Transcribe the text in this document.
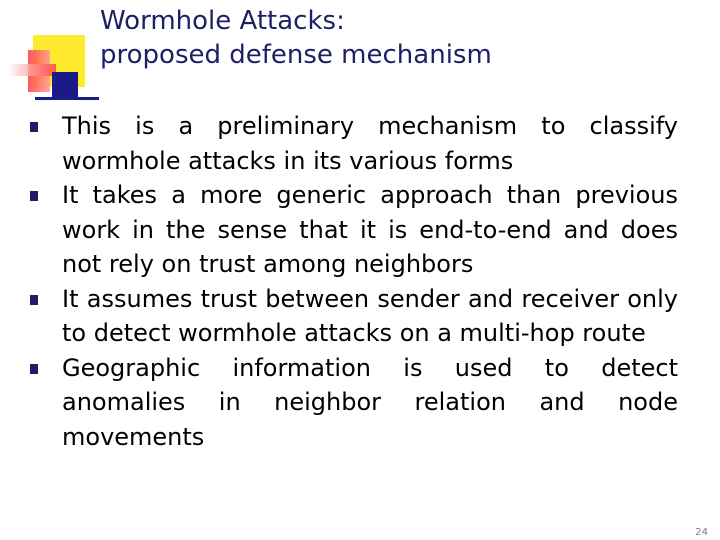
Wormhole Attacks:
proposed defense mechanism
This is a preliminary mechanism to classify wormhole attacks in its various forms
It takes a more generic approach than previous work in the sense that it is end-to-end and does not rely on trust among neighbors
It assumes trust between sender and receiver only to detect wormhole attacks on a multi-hop route
Geographic information is used to detect anomalies in neighbor relation and node movements
24
